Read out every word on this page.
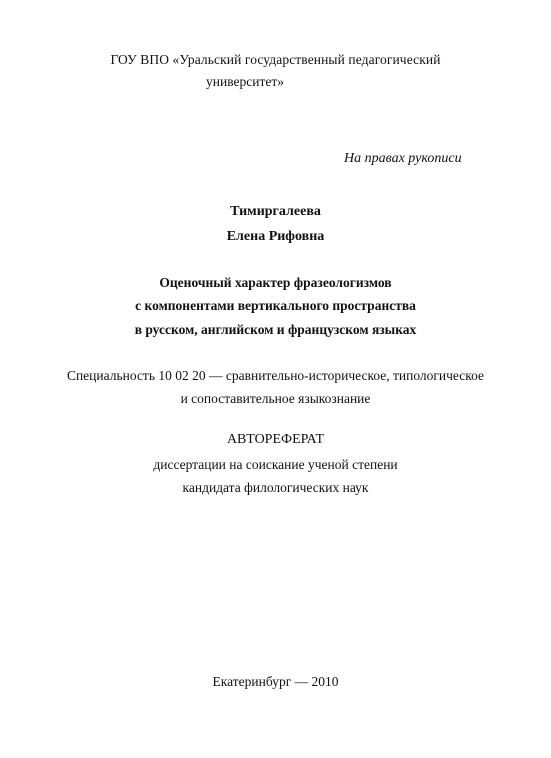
ГОУ ВПО «Уральский государственный педагогический
университет»
На правах рукописи
Тимиргалеева
Елена Рифовна
Оценочный характер фразеологизмов
с компонентами вертикального пространства
в русском, английском и французском языках
Специальность 10 02 20 — сравнительно-историческое, типологическое
и сопоставительное языкознание
АВТОРЕФЕРАТ
диссертации на соискание ученой степени
кандидата филологических наук
Екатеринбург — 2010
